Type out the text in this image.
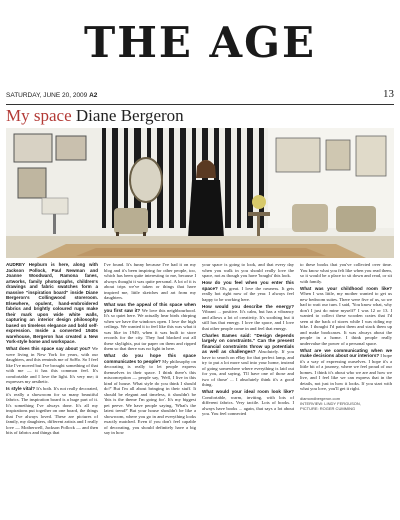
THE AGE
SATURDAY, JUNE 20, 2009 A2	13
My space Diane Bergeron

AUDREY Hepburn is here, along with Jackson Pollock, Paul Newman and Joanne Woodward, Ramona fanes, artworks, family photographs, children's drawings and fabric swatches form a massive "inspiration board" inside Diane Bergeron's Collingwood storeroom. Elsewhere, opulent, hand-embroidered fabrics and brightly coloured rugs make their mark upon wide white walls, capturing an interior design philosophy based on timeless elegance and bold self-expression. Inside a converted 1940s warehouse, Bergeron has created a New York-style home and workspace.

What does this space say about you? We were living in New York for years, with our daughters, and this reminds me of SoHo. So I feel like I've moved but I've brought something of that with me — it has this common feel. It's comfortable and I love the light. It's very me; it expresses my aesthetic.

Is style vital? It's both. It's not really decorated, it's really a showroom for so many beautiful fabrics. The inspiration board is a huge part of it. It's something I've always done. It's all my inspirations put together on one board, the things that I've always loved. These are pictures of family, my daughters, different artists and I really love — Motherwell, Jackson Pollock — and then bits of fabrics and things that

I've found. It's funny because I've had it on my blog and it's been inspiring for other people, too, which has been quite interesting to me, because I always thought it was quite personal. A lot of it is about trips we've taken or things that have inspired me, little sketches and art from my daughters.

What was the appeal of this space when you first saw it? We love this neighbourhood. It's so quiet here. We actually hear birds chirping when we have the windows open. I love the high ceilings. We wanted it to feel like this was what it was like in 1949, when it was built to store records for the city. They had blacked out all these skylights, put tar paper on them and ripped them so that there was no light in here.

What do you hope this space communicates to people? My philosophy on decorating is really to let people express themselves in their space. I think there's this misconception — people say, 'Well, I live in this kind of house. What style do you think I should do?' But I'm all about bringing in their stuff. It should be elegant and timeless, it shouldn't be 'this is the theme I'm going for'. It's my biggest pet peeve. We have people saying, 'What's the latest trend?' But your house shouldn't be like a showroom, where you go in and everything looks exactly matched. Even if you don't feel capable of decorating, you should definitely have a big say in how

your space is going to look, and that every day when you walk in you should really love the space, not as though you have 'bought' this look.

How do you feel when you enter this space? Oh, great. I love the rawness. It gets really hot right now of the year. I always feel happy to be working here.

How would you describe the energy? Vibrant ... positive. It's calm, but has a vibrancy and allows a lot of creativity. It's soothing but it still has that energy. I love the space, and I love that other people come in and feel that energy.

Charles Eames said: "Design depends largely on constraints." Can the present financial constraints throw up potentials as well as challenges? Absolutely. If you have to search on eBay for that perfect lamp, and try to put a lot more soul into your home, instead of going somewhere where everything is laid out for you, and saying, 'I'll have one of those and two of those' ... I absolutely think it's a good thing.

What would your ideal room look like? Comfortable, warm, inviting, with lots of different fabrics. Very tactile. Lots of books. I always have books ... again, that says a lot about you. You feel connected

to these books that you've collected over time. You know what you felt like when you read them, so it would be a place to sit down and read, or sit with family.

What was your childhood room like? When I was little, my mother wanted to get us new bedroom suites. There were five of us, so we had to wait our turn. I said, 'You know what, why don't I just do mine myself?' I was 12 or 13. I wanted to collect these wooden crates that I'd seen at the back of stores while I was riding my bike. I thought I'd paint them and stack them up and make bookcases. It was always about the people in a home. I think people really undervalue the power of a personal space.

What are we communicating when we make decisions about our interiors? I hope it's a way of expressing ourselves. I hope it's a little bit of a journey, where we feel proud of our homes. I think it's about who we are and how we live, and I feel like we can express that in the details, not just in how it looks. If you start with what you love, you'll get it right.

diamondbergeron.com
INTERVIEW: LINDY FERGUSON,
PICTURE: ROGER CUMMING
